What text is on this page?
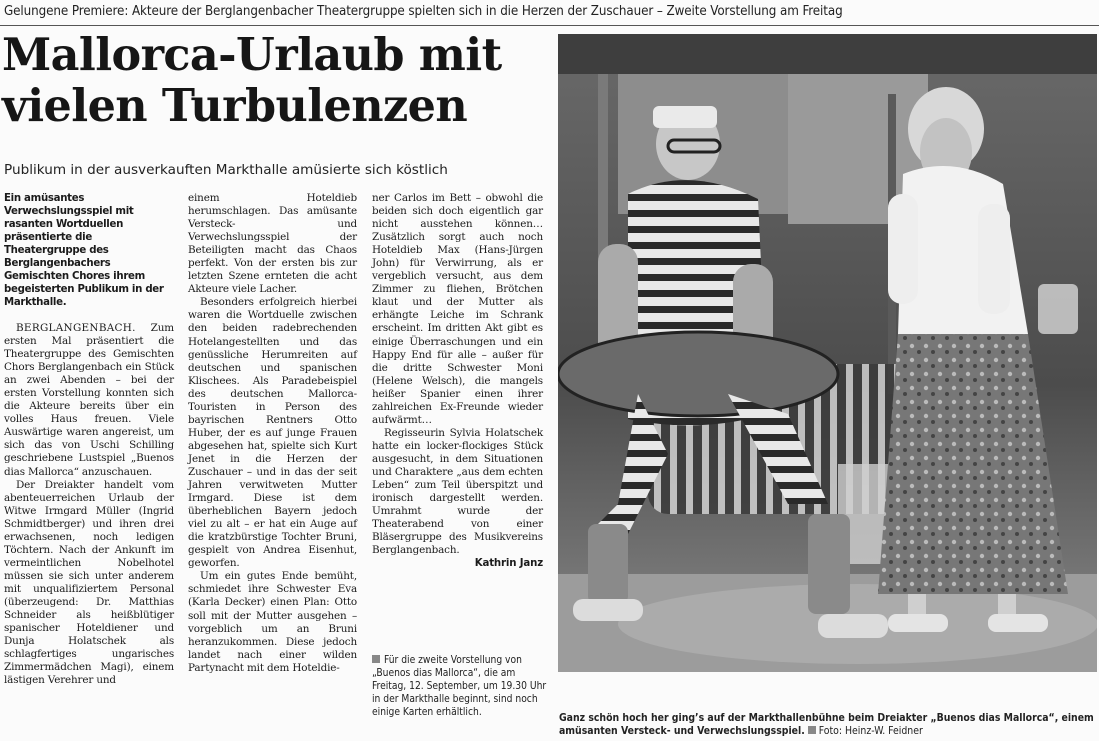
Gelungene Premiere: Akteure der Berglangenbacher Theatergruppe spielten sich in die Herzen der Zuschauer – Zweite Vorstellung am Freitag
Mallorca-Urlaub mit
vielen Turbulenzen
Publikum in der ausverkauften Markthalle amüsierte sich köstlich

Ein amüsantes Verwechslungsspiel mit rasanten Wortduellen präsentierte die Theatergruppe des Berglangenbachers Gemischten Chores ihrem begeisterten Publikum in der Markthalle.

BERGLANGENBACH. Zum ersten Mal präsentiert die Theatergruppe des Gemischten Chors Berglangenbach ein Stück an zwei Abenden – bei der ersten Vorstellung konnten sich die Akteure bereits über ein volles Haus freuen. Viele Auswärtige waren angereist, um sich das von Uschi Schilling geschriebene Lustspiel „Buenos dias Mallorca“ anzuschauen.

Der Dreiakter handelt vom abenteuerreichen Urlaub der Witwe Irmgard Müller (Ingrid Schmidtberger) und ihren drei erwachsenen, noch ledigen Töchtern. Nach der Ankunft im vermeintlichen Nobelhotel müssen sie sich unter anderem mit unqualifiziertem Personal (überzeugend: Dr. Matthias Schneider als heißblütiger spanischer Hoteldiener und Dunja Holatschek als schlagfertiges ungarisches Zimmermädchen Magi), einem lästigen Verehrer und

einem Hoteldieb herumschlagen. Das amüsante Versteck- und Verwechslungsspiel der Beteiligten macht das Chaos perfekt. Von der ersten bis zur letzten Szene ernteten die acht Akteure viele Lacher.

Besonders erfolgreich hierbei waren die Wortduelle zwischen den beiden radebrechenden Hotelangestellten und das genüssliche Herumreiten auf deutschen und spanischen Klischees. Als Paradebeispiel des deutschen Mallorca-Touristen in Person des bayrischen Rentners Otto Huber, der es auf junge Frauen abgesehen hat, spielte sich Kurt Jenet in die Herzen der Zuschauer – und in das der seit Jahren verwitweten Mutter Irmgard. Diese ist dem überheblichen Bayern jedoch viel zu alt – er hat ein Auge auf die kratzbürstige Tochter Bruni, gespielt von Andrea Eisenhut, geworfen.

Um ein gutes Ende bemüht, schmiedet ihre Schwester Eva (Karla Decker) einen Plan: Otto soll mit der Mutter ausgehen – vorgeblich um an Bruni heranzukommen. Diese jedoch landet nach einer wilden Partynacht mit dem Hoteldie-

ner Carlos im Bett – obwohl die beiden sich doch eigentlich gar nicht ausstehen können… Zusätzlich sorgt auch noch Hoteldieb Max (Hans-Jürgen John) für Verwirrung, als er vergeblich versucht, aus dem Zimmer zu fliehen, Brötchen klaut und der Mutter als erhängte Leiche im Schrank erscheint. Im dritten Akt gibt es einige Überraschungen und ein Happy End für alle – außer für die dritte Schwester Moni (Helene Welsch), die mangels heißer Spanier einen ihrer zahlreichen Ex-Freunde wieder aufwärmt…

Regisseurin Sylvia Holatschek hatte ein locker-flockiges Stück ausgesucht, in dem Situationen und Charaktere „aus dem echten Leben“ zum Teil überspitzt und ironisch dargestellt werden. Umrahmt wurde der Theaterabend von einer Bläsergruppe des Musikvereins Berglangenbach.

Kathrin Janz

Für die zweite Vorstellung von „Buenos dias Mallorca“, die am Freitag, 12. September, um 19.30 Uhr in der Markthalle beginnt, sind noch einige Karten erhältlich.	Ganz schön hoch her ging’s auf der Markthallenbühne beim Dreiakter „Buenos dias Mallorca“, einem amüsanten Versteck- und Verwechslungsspiel. Foto: Heinz-W. Feidner
